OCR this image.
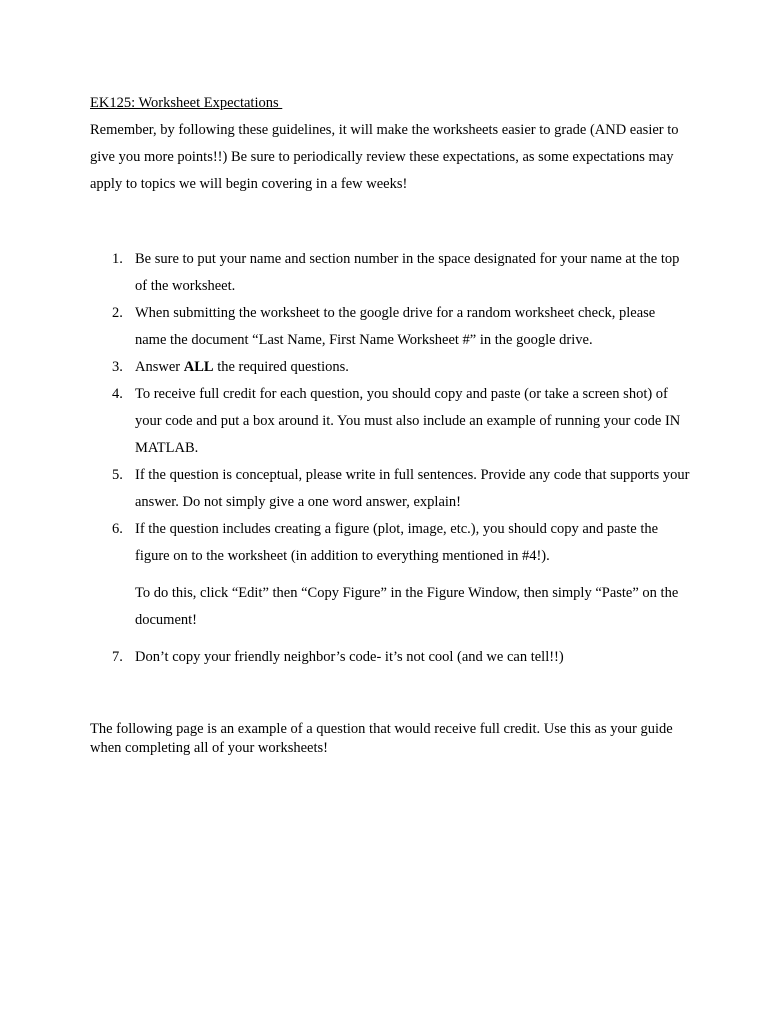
EK125: Worksheet Expectations
Remember, by following these guidelines, it will make the worksheets easier to grade (AND easier to give you more points!!) Be sure to periodically review these expectations, as some expectations may apply to topics we will begin covering in a few weeks!
1. Be sure to put your name and section number in the space designated for your name at the top of the worksheet.
2. When submitting the worksheet to the google drive for a random worksheet check, please name the document “Last Name, First Name Worksheet #” in the google drive.
3. Answer ALL the required questions.
4. To receive full credit for each question, you should copy and paste (or take a screen shot) of your code and put a box around it. You must also include an example of running your code IN MATLAB.
5. If the question is conceptual, please write in full sentences. Provide any code that supports your answer. Do not simply give a one word answer, explain!
6. If the question includes creating a figure (plot, image, etc.), you should copy and paste the figure on to the worksheet (in addition to everything mentioned in #4!).
To do this, click “Edit” then “Copy Figure” in the Figure Window, then simply “Paste” on the document!
7. Don’t copy your friendly neighbor’s code- it’s not cool (and we can tell!!)
The following page is an example of a question that would receive full credit. Use this as your guide when completing all of your worksheets!
